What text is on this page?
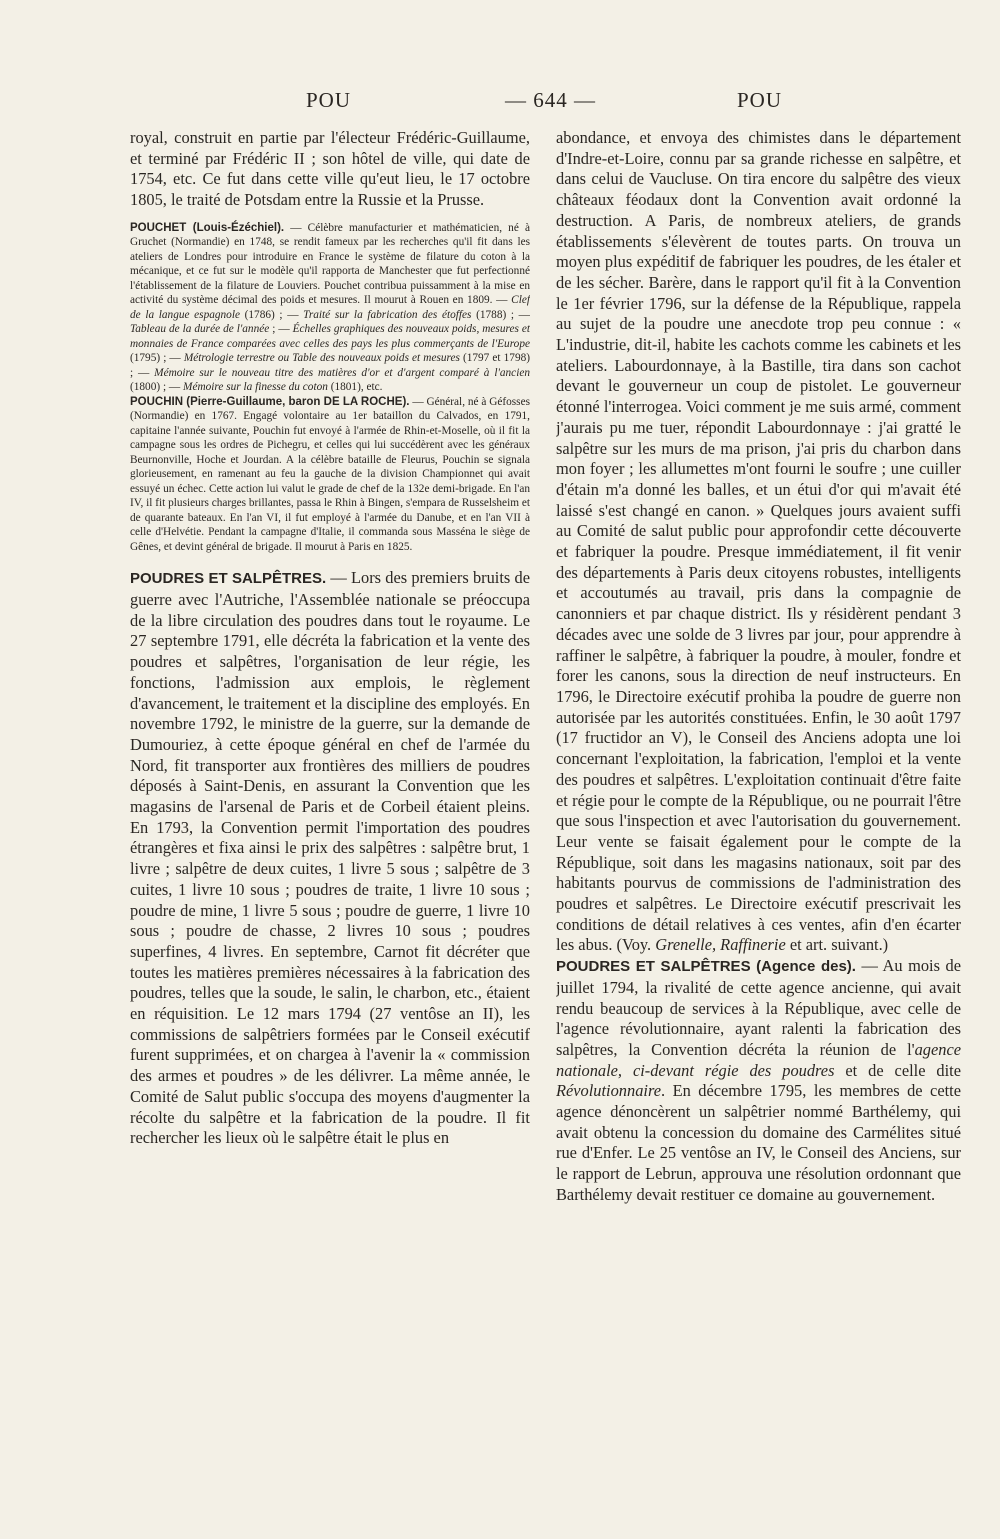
POU	— 644 —	POU

royal, construit en partie par l'électeur Frédéric-Guillaume, et terminé par Frédéric II ; son hôtel de ville, qui date de 1754, etc. Ce fut dans cette ville qu'eut lieu, le 17 octobre 1805, le traité de Potsdam entre la Russie et la Prusse.

POUCHET (Louis-Ézéchiel). — Célèbre manufacturier et mathématicien, né à Gruchet (Normandie) en 1748, se rendit fameux par les recherches qu'il fit dans les ateliers de Londres pour introduire en France le système de filature du coton à la mécanique, et ce fut sur le modèle qu'il rapporta de Manchester que fut perfectionné l'établissement de la filature de Louviers. Pouchet contribua puissamment à la mise en activité du système décimal des poids et mesures. Il mourut à Rouen en 1809. — Clef de la langue espagnole (1786) ; — Traité sur la fabrication des étoffes (1788) ; — Tableau de la durée de l'année ; — Échelles graphiques des nouveaux poids, mesures et monnaies de France comparées avec celles des pays les plus commerçants de l'Europe (1795) ; — Métrologie terrestre ou Table des nouveaux poids et mesures (1797 et 1798) ; — Mémoire sur le nouveau titre des matières d'or et d'argent comparé à l'ancien (1800) ; — Mémoire sur la finesse du coton (1801), etc.

POUCHIN (Pierre-Guillaume, baron DE LA ROCHE). — Général, né à Géfosses (Normandie) en 1767. Engagé volontaire au 1er bataillon du Calvados, en 1791, capitaine l'année suivante, Pouchin fut envoyé à l'armée de Rhin-et-Moselle, où il fit la campagne sous les ordres de Pichegru, et celles qui lui succédèrent avec les généraux Beurnonville, Hoche et Jourdan. A la célèbre bataille de Fleurus, Pouchin se signala glorieusement, en ramenant au feu la gauche de la division Championnet qui avait essuyé un échec. Cette action lui valut le grade de chef de la 132e demi-brigade. En l'an IV, il fit plusieurs charges brillantes, passa le Rhin à Bingen, s'empara de Russelsheim et de quarante bateaux. En l'an VI, il fut employé à l'armée du Danube, et en l'an VII à celle d'Helvétie. Pendant la campagne d'Italie, il commanda sous Masséna le siège de Gênes, et devint général de brigade. Il mourut à Paris en 1825.

POUDRES ET SALPÊTRES. — Lors des premiers bruits de guerre avec l'Autriche, l'Assemblée nationale se préoccupa de la libre circulation des poudres dans tout le royaume. Le 27 septembre 1791, elle décréta la fabrication et la vente des poudres et salpêtres, l'organisation de leur régie, les fonctions, l'admission aux emplois, le règlement d'avancement, le traitement et la discipline des employés. En novembre 1792, le ministre de la guerre, sur la demande de Dumouriez, à cette époque général en chef de l'armée du Nord, fit transporter aux frontières des milliers de poudres déposés à Saint-Denis, en assurant la Convention que les magasins de l'arsenal de Paris et de Corbeil étaient pleins. En 1793, la Convention permit l'importation des poudres étrangères et fixa ainsi le prix des salpêtres : salpêtre brut, 1 livre ; salpêtre de deux cuites, 1 livre 5 sous ; salpêtre de 3 cuites, 1 livre 10 sous ; poudres de traite, 1 livre 10 sous ; poudre de mine, 1 livre 5 sous ; poudre de guerre, 1 livre 10 sous ; poudre de chasse, 2 livres 10 sous ; poudres superfines, 4 livres. En septembre, Carnot fit décréter que toutes les matières premières nécessaires à la fabrication des poudres, telles que la soude, le salin, le charbon, etc., étaient en réquisition. Le 12 mars 1794 (27 ventôse an II), les commissions de salpêtriers formées par le Conseil exécutif furent supprimées, et on chargea à l'avenir la « commission des armes et poudres » de les délivrer. La même année, le Comité de Salut public s'occupa des moyens d'augmenter la récolte du salpêtre et la fabrication de la poudre. Il fit rechercher les lieux où le salpêtre était le plus en

abondance, et envoya des chimistes dans le département d'Indre-et-Loire, connu par sa grande richesse en salpêtre, et dans celui de Vaucluse. On tira encore du salpêtre des vieux châteaux féodaux dont la Convention avait ordonné la destruction. A Paris, de nombreux ateliers, de grands établissements s'élevèrent de toutes parts. On trouva un moyen plus expéditif de fabriquer les poudres, de les étaler et de les sécher. Barère, dans le rapport qu'il fit à la Convention le 1er février 1796, sur la défense de la République, rappela au sujet de la poudre une anecdote trop peu connue : « L'industrie, dit-il, habite les cachots comme les cabinets et les ateliers. Labourdonnaye, à la Bastille, tira dans son cachot devant le gouverneur un coup de pistolet. Le gouverneur étonné l'interrogea. Voici comment je me suis armé, comment j'aurais pu me tuer, répondit Labourdonnaye : j'ai gratté le salpêtre sur les murs de ma prison, j'ai pris du charbon dans mon foyer ; les allumettes m'ont fourni le soufre ; une cuiller d'étain m'a donné les balles, et un étui d'or qui m'avait été laissé s'est changé en canon. » Quelques jours avaient suffi au Comité de salut public pour approfondir cette découverte et fabriquer la poudre. Presque immédiatement, il fit venir des départements à Paris deux citoyens robustes, intelligents et accoutumés au travail, pris dans la compagnie de canonniers et par chaque district. Ils y résidèrent pendant 3 décades avec une solde de 3 livres par jour, pour apprendre à raffiner le salpêtre, à fabriquer la poudre, à mouler, fondre et forer les canons, sous la direction de neuf instructeurs. En 1796, le Directoire exécutif prohiba la poudre de guerre non autorisée par les autorités constituées. Enfin, le 30 août 1797 (17 fructidor an V), le Conseil des Anciens adopta une loi concernant l'exploitation, la fabrication, l'emploi et la vente des poudres et salpêtres. L'exploitation continuait d'être faite et régie pour le compte de la République, ou ne pourrait l'être que sous l'inspection et avec l'autorisation du gouvernement. Leur vente se faisait également pour le compte de la République, soit dans les magasins nationaux, soit par des habitants pourvus de commissions de l'administration des poudres et salpêtres. Le Directoire exécutif prescrivait les conditions de détail relatives à ces ventes, afin d'en écarter les abus. (Voy. Grenelle, Raffinerie et art. suivant.)

POUDRES ET SALPÊTRES (Agence des). — Au mois de juillet 1794, la rivalité de cette agence ancienne, qui avait rendu beaucoup de services à la République, avec celle de l'agence révolutionnaire, ayant ralenti la fabrication des salpêtres, la Convention décréta la réunion de l'agence nationale, ci-devant régie des poudres et de celle dite Révolutionnaire. En décembre 1795, les membres de cette agence dénoncèrent un salpêtrier nommé Barthélemy, qui avait obtenu la concession du domaine des Carmélites situé rue d'Enfer. Le 25 ventôse an IV, le Conseil des Anciens, sur le rapport de Lebrun, approuva une résolution ordonnant que Barthélemy devait restituer ce domaine au gouvernement.
